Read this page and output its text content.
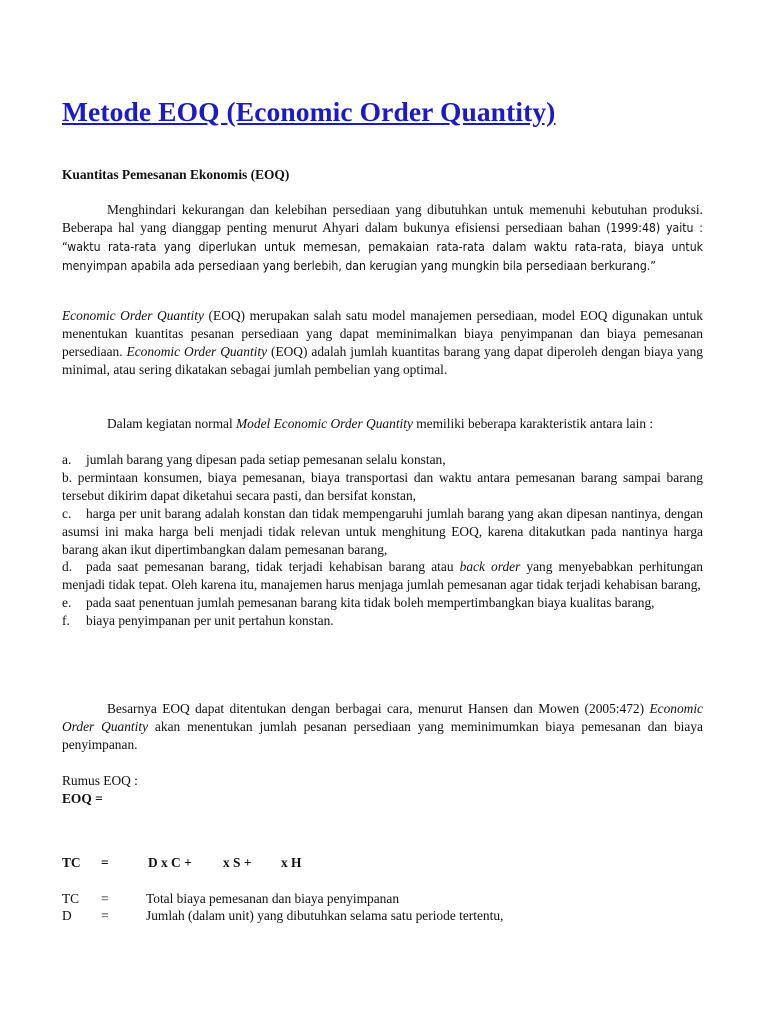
Metode EOQ (Economic Order Quantity)
Kuantitas Pemesanan Ekonomis (EOQ)
Menghindari kekurangan dan kelebihan persediaan yang dibutuhkan untuk memenuhi kebutuhan produksi. Beberapa hal yang dianggap penting menurut Ahyari dalam bukunya efisiensi persediaan bahan (1999:48) yaitu : “waktu rata-rata yang diperlukan untuk memesan, pemakaian rata-rata dalam waktu rata-rata, biaya untuk menyimpan apabila ada persediaan yang berlebih, dan kerugian yang mungkin bila persediaan berkurang.”
Economic Order Quantity (EOQ) merupakan salah satu model manajemen persediaan, model EOQ digunakan untuk menentukan kuantitas pesanan persediaan yang dapat meminimalkan biaya penyimpanan dan biaya pemesanan persediaan. Economic Order Quantity (EOQ) adalah jumlah kuantitas barang yang dapat diperoleh dengan biaya yang minimal, atau sering dikatakan sebagai jumlah pembelian yang optimal.
Dalam kegiatan normal Model Economic Order Quantity memiliki beberapa karakteristik antara lain :
a. jumlah barang yang dipesan pada setiap pemesanan selalu konstan,
b. permintaan konsumen, biaya pemesanan, biaya transportasi dan waktu antara pemesanan barang sampai barang tersebut dikirim dapat diketahui secara pasti, dan bersifat konstan,
c. harga per unit barang adalah konstan dan tidak mempengaruhi jumlah barang yang akan dipesan nantinya, dengan asumsi ini maka harga beli menjadi tidak relevan untuk menghitung EOQ, karena ditakutkan pada nantinya harga barang akan ikut dipertimbangkan dalam pemesanan barang,
d. pada saat pemesanan barang, tidak terjadi kehabisan barang atau back order yang menyebabkan perhitungan menjadi tidak tepat. Oleh karena itu, manajemen harus menjaga jumlah pemesanan agar tidak terjadi kehabisan barang,
e. pada saat penentuan jumlah pemesanan barang kita tidak boleh mempertimbangkan biaya kualitas barang,
f. biaya penyimpanan per unit pertahun konstan.
Besarnya EOQ dapat ditentukan dengan berbagai cara, menurut Hansen dan Mowen (2005:472) Economic Order Quantity akan menentukan jumlah pesanan persediaan yang meminimumkan biaya pemesanan dan biaya penyimpanan.
Rumus EOQ :
EOQ =
TC =	D x C + x S + x H
TC =	Total biaya pemesanan dan biaya penyimpanan
D =	Jumlah (dalam unit) yang dibutuhkan selama satu periode tertentu,
